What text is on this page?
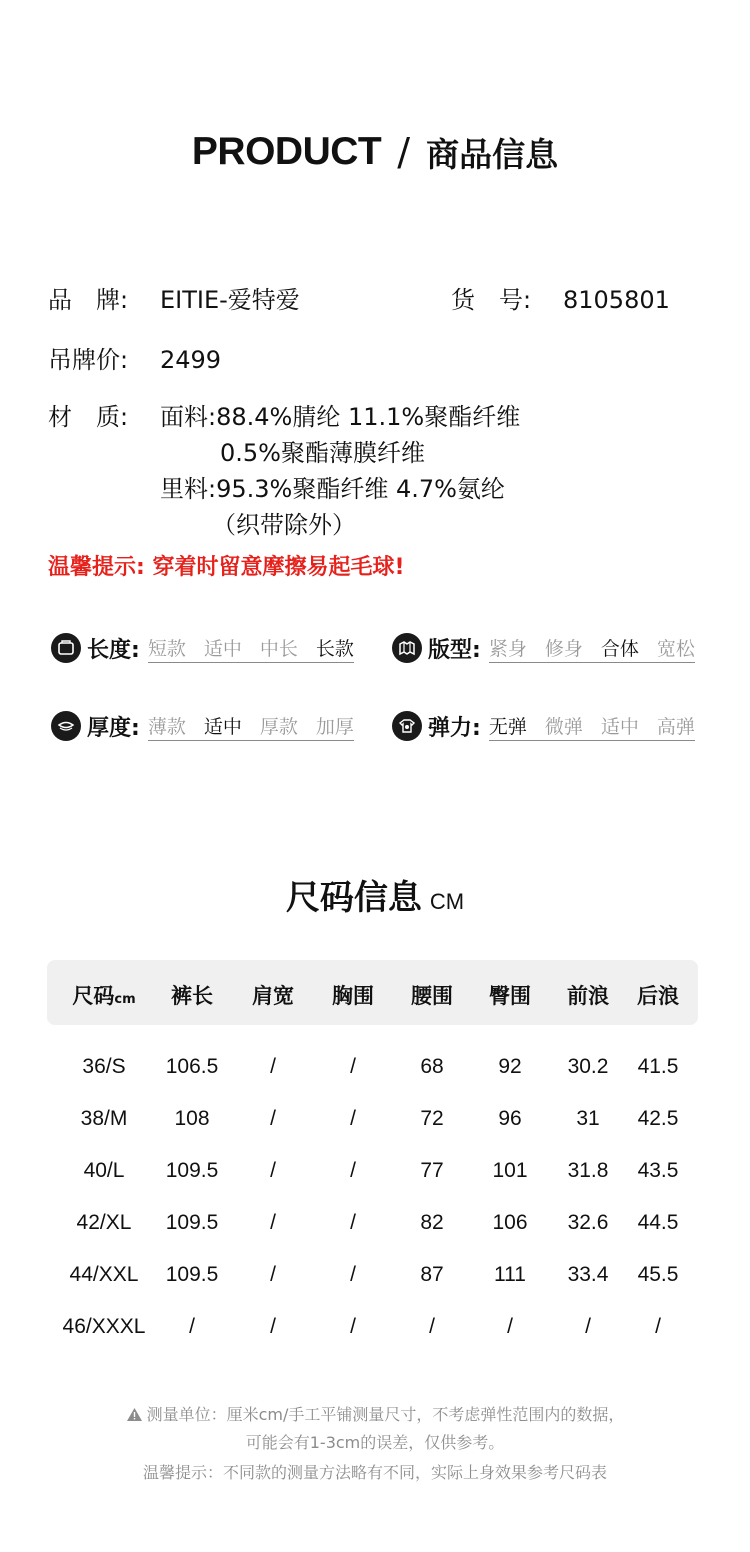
PRODUCT / 商品信息
品　牌: EITIE-爱特爱	货　号: 8105801
吊牌价: 2499
材　质: 面料:88.4%腈纶 11.1%聚酯纤维
0.5%聚酯薄膜纤维
里料:95.3%聚酯纤维 4.7%氨纶
（织带除外）
温馨提示: 穿着时留意摩擦易起毛球!
长度: 短款 适中 中长 长款	版型: 紧身 修身 合体 宽松
厚度: 薄款 适中 厚款 加厚	弹力: 无弹 微弹 适中 高弹
尺码信息 CM
尺码cm 裤长 肩宽 胸围 腰围 臀围 前浪 后浪
36/S 106.5 /	/	68	92 30.2 41.5
38/M 108	/	/	72	96	31 42.5
40/L 109.5 /	/	77 101 31.8 43.5
42/XL 109.5 /	/	82 106 32.6 44.5
44/XXL 109.5 /	/	87 111 33.4 45.5
46/XXXL /	/	/	/	/	/	/
测量单位：厘米cm/手工平铺测量尺寸，不考虑弹性范围内的数据，
可能会有1-3cm的误差，仅供参考。
温馨提示：不同款的测量方法略有不同，实际上身效果参考尺码表
